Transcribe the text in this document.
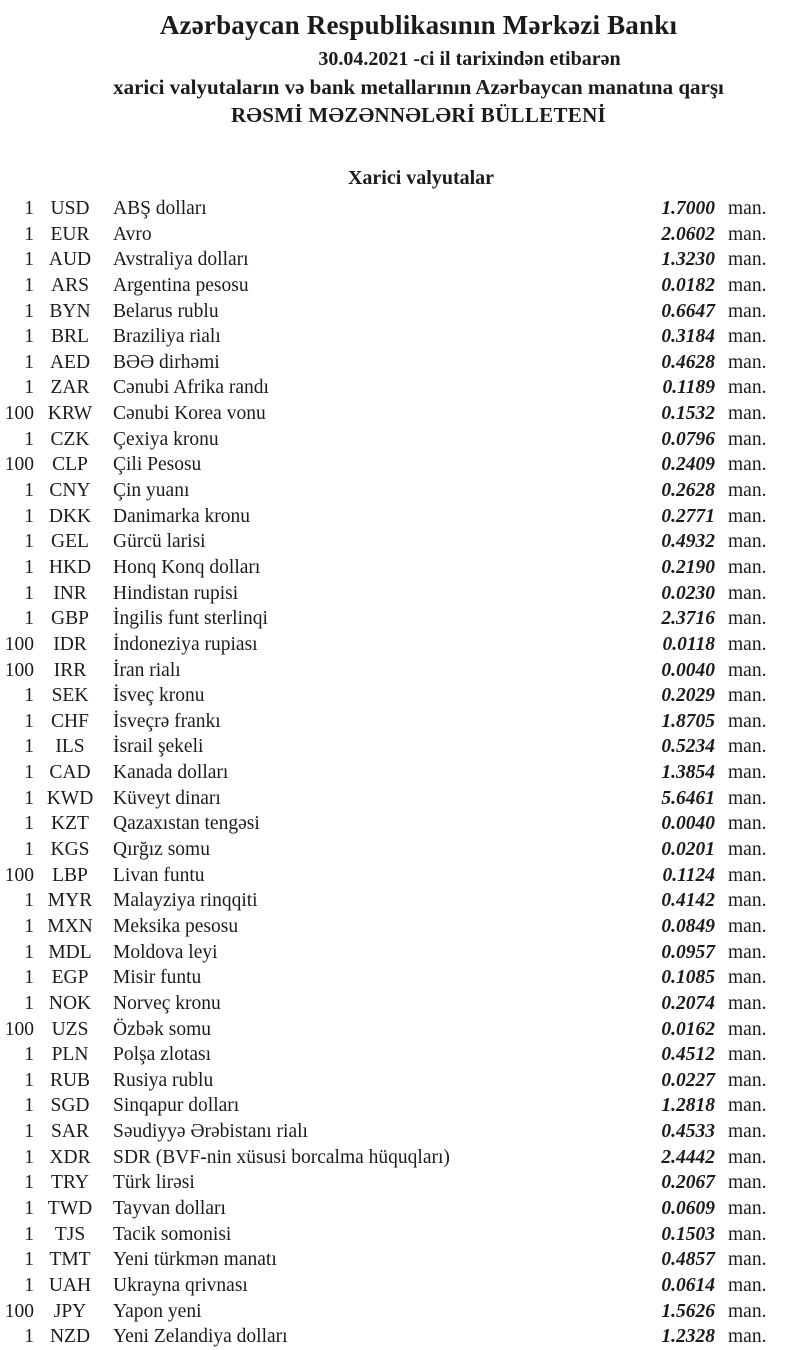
Azərbaycan Respublikasının Mərkəzi Bankı
30.04.2021 -ci il tarixindən etibarən
xarici valyutaların və bank metallarının Azərbaycan manatına qarşı
RƏSMİ MƏZƏNNƏLƏRİ BÜLLETENİ
Xarici valyutalar
1 USD	ABŞ dolları	1.7000 man.
1 EUR	Avro	2.0602 man.
1 AUD	Avstraliya dolları	1.3230 man.
1 ARS	Argentina pesosu	0.0182 man.
1 BYN	Belarus rublu	0.6647 man.
1 BRL	Braziliya rialı	0.3184 man.
1 AED	BƏƏ dirhəmi	0.4628 man.
1 ZAR	Cənubi Afrika randı	0.1189 man.
100 KRW	Cənubi Korea vonu	0.1532 man.
1 CZK	Çexiya kronu	0.0796 man.
100 CLP	Çili Pesosu	0.2409 man.
1 CNY	Çin yuanı	0.2628 man.
1 DKK	Danimarka kronu	0.2771 man.
1 GEL	Gürcü larisi	0.4932 man.
1 HKD	Honq Konq dolları	0.2190 man.
1 INR	Hindistan rupisi	0.0230 man.
1 GBP	İngilis funt sterlinqi	2.3716 man.
100 IDR	İndoneziya rupiası	0.0118 man.
100	IRR	İran rialı	0.0040 man.
1 SEK	İsveç kronu	0.2029 man.
1 CHF	İsveçrə frankı	1.8705 man.
1	ILS	İsrail şekeli	0.5234 man.
1 CAD	Kanada dolları	1.3854 man.
1 KWD	Küveyt dinarı	5.6461 man.
1 KZT	Qazaxıstan tengəsi	0.0040 man.
1 KGS	Qırğız somu	0.0201 man.
100 LBP	Livan funtu	0.1124 man.
1 MYR	Malayziya rinqqiti	0.4142 man.
1 MXN	Meksika pesosu	0.0849 man.
1 MDL	Moldova leyi	0.0957 man.
1 EGP	Misir funtu	0.1085 man.
1 NOK	Norveç kronu	0.2074 man.
100 UZS	Özbək somu	0.0162 man.
1 PLN	Polşa zlotası	0.4512 man.
1 RUB	Rusiya rublu	0.0227 man.
1 SGD	Sinqapur dolları	1.2818 man.
1 SAR	Səudiyyə Ərəbistanı rialı	0.4533 man.
1 XDR	SDR (BVF-nin xüsusi borcalma hüquqları)	2.4442 man.
1 TRY	Türk lirəsi	0.2067 man.
1 TWD	Tayvan dolları	0.0609 man.
1	TJS	Tacik somonisi	0.1503 man.
1 TMT	Yeni türkmən manatı	0.4857 man.
1 UAH	Ukrayna qrivnası	0.0614 man.
100	JPY	Yapon yeni	1.5626 man.
1 NZD	Yeni Zelandiya dolları	1.2328 man.
